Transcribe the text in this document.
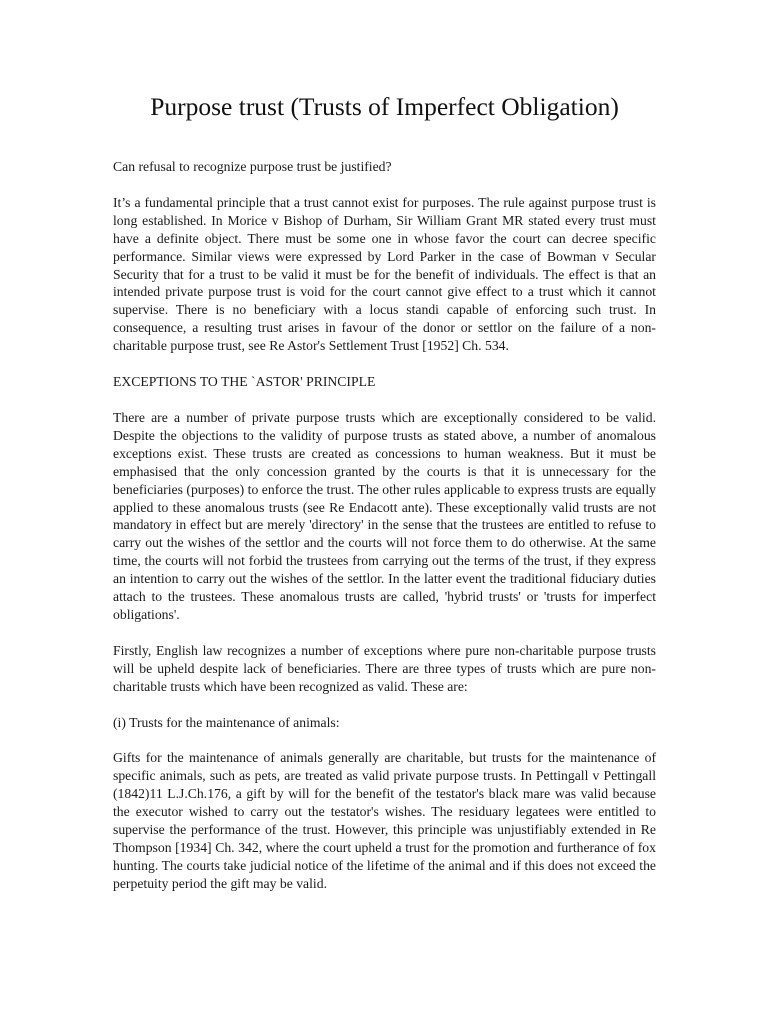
Purpose trust (Trusts of Imperfect Obligation)

Can refusal to recognize purpose trust be justified?

It’s a fundamental principle that a trust cannot exist for purposes. The rule against purpose trust is long established. In Morice v Bishop of Durham, Sir William Grant MR stated every trust must have a definite object. There must be some one in whose favor the court can decree specific performance. Similar views were expressed by Lord Parker in the case of Bowman v Secular Security that for a trust to be valid it must be for the benefit of individuals. The effect is that an intended private purpose trust is void for the court cannot give effect to a trust which it cannot supervise. There is no beneficiary with a locus standi capable of enforcing such trust. In consequence, a resulting trust arises in favour of the donor or settlor on the failure of a non-charitable purpose trust, see Re Astor's Settlement Trust [1952] Ch. 534.

EXCEPTIONS TO THE `ASTOR' PRINCIPLE

There are a number of private purpose trusts which are exceptionally considered to be valid. Despite the objections to the validity of purpose trusts as stated above, a number of anomalous exceptions exist. These trusts are created as concessions to human weakness. But it must be emphasised that the only concession granted by the courts is that it is unnecessary for the beneficiaries (purposes) to enforce the trust. The other rules applicable to express trusts are equally applied to these anomalous trusts (see Re Endacott ante). These exceptionally valid trusts are not mandatory in effect but are merely 'directory' in the sense that the trustees are entitled to refuse to carry out the wishes of the settlor and the courts will not force them to do otherwise. At the same time, the courts will not forbid the trustees from carrying out the terms of the trust, if they express an intention to carry out the wishes of the settlor. In the latter event the traditional fiduciary duties attach to the trustees. These anomalous trusts are called, 'hybrid trusts' or 'trusts for imperfect obligations'.

Firstly, English law recognizes a number of exceptions where pure non-charitable purpose trusts will be upheld despite lack of beneficiaries. There are three types of trusts which are pure non-charitable trusts which have been recognized as valid. These are:

(i) Trusts for the maintenance of animals:

Gifts for the maintenance of animals generally are charitable, but trusts for the maintenance of specific animals, such as pets, are treated as valid private purpose trusts. In Pettingall v Pettingall (1842)11 L.J.Ch.176, a gift by will for the benefit of the testator's black mare was valid because the executor wished to carry out the testator's wishes. The residuary legatees were entitled to supervise the performance of the trust. However, this principle was unjustifiably extended in Re Thompson [1934] Ch. 342, where the court upheld a trust for the promotion and furtherance of fox hunting. The courts take judicial notice of the lifetime of the animal and if this does not exceed the perpetuity period the gift may be valid.
